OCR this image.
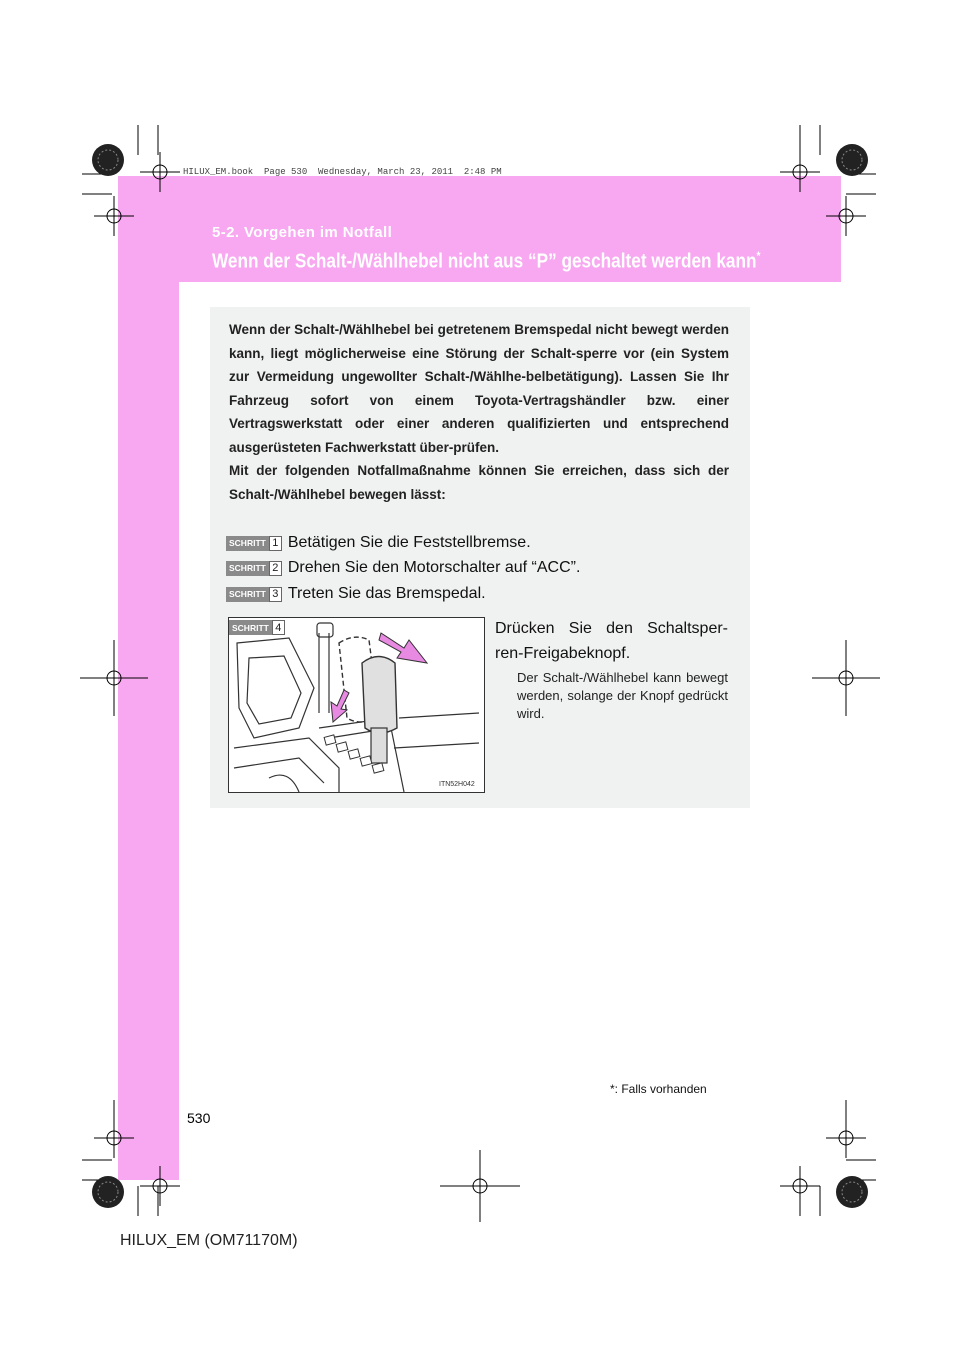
HILUX_EM.book  Page 530  Wednesday, March 23, 2011  2:48 PM
5-2. Vorgehen im Notfall
Wenn der Schalt-/Wählhebel nicht aus “P” geschaltet werden kann*

Wenn der Schalt-/Wählhebel bei getretenem Bremspedal nicht bewegt werden kann, liegt möglicherweise eine Störung der Schalt-sperre vor (ein System zur Vermeidung ungewollter Schalt-/Wählhe-belbetätigung). Lassen Sie Ihr Fahrzeug sofort von einem Toyota-Vertragshändler bzw. einer Vertragswerkstatt oder einer anderen qualifizierten und entsprechend ausgerüsteten Fachwerkstatt über-prüfen.

Mit der folgenden Notfallmaßnahme können Sie erreichen, dass sich der Schalt-/Wählhebel bewegen lässt:

SCHRITT 1 Betätigen Sie die Feststellbremse.
SCHRITT 2 Drehen Sie den Motorschalter auf “ACC”.
SCHRITT 3 Treten Sie das Bremspedal.
SCHRITT 4
ITN52H042
Drücken Sie den Schaltsper-
ren-Freigabeknopf.
Der Schalt-/Wählhebel kann bewegt werden, solange der Knopf gedrückt wird.
*: Falls vorhanden
530
HILUX_EM (OM71170M)
